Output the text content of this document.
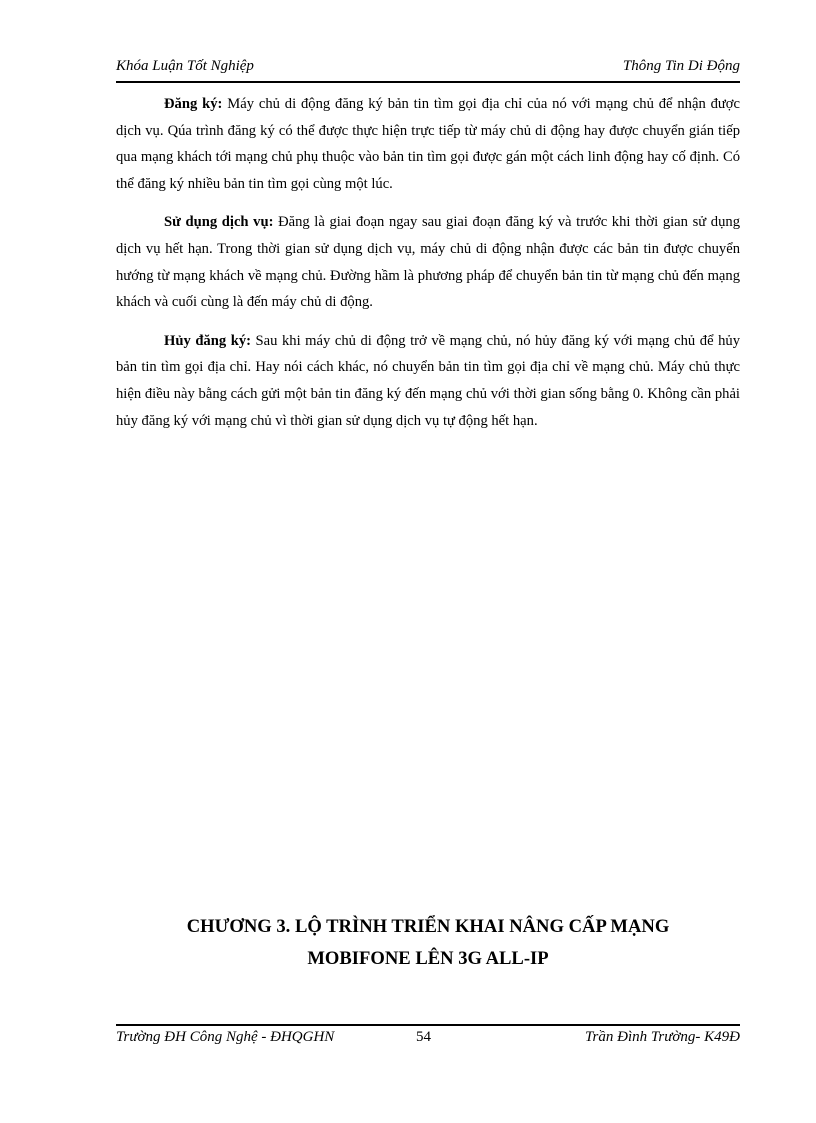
Khóa Luận Tốt Nghiệp	Thông Tin Di Động

Đăng ký: Máy chủ di động đăng ký bản tin tìm gọi địa chỉ của nó với mạng chủ để nhận được dịch vụ. Qúa trình đăng ký có thể được thực hiện trực tiếp từ máy chủ di động hay được chuyển gián tiếp qua mạng khách tới mạng chủ phụ thuộc vào bản tin tìm gọi được gán một cách linh động hay cố định. Có thể đăng ký nhiều bản tin tìm gọi cùng một lúc.

Sử dụng dịch vụ: Đăng là giai đoạn ngay sau giai đoạn đăng ký và trước khi thời gian sử dụng dịch vụ hết hạn. Trong thời gian sử dụng dịch vụ, máy chủ di động nhận được các bản tin được chuyển hướng từ mạng khách về mạng chủ. Đường hầm là phương pháp để chuyển bản tin từ mạng chủ đến mạng khách và cuối cùng là đến máy chủ di động.

Hủy đăng ký: Sau khi máy chủ di động trở về mạng chủ, nó hủy đăng ký với mạng chủ để hủy bản tin tìm gọi địa chỉ. Hay nói cách khác, nó chuyển bản tin tìm gọi địa chỉ về mạng chủ. Máy chủ thực hiện điều này bằng cách gửi một bản tin đăng ký đến mạng chủ với thời gian sống bằng 0. Không cần phải hủy đăng ký với mạng chủ vì thời gian sử dụng dịch vụ tự động hết hạn.

CHƯƠNG 3. LỘ TRÌNH TRIỂN KHAI NÂNG CẤP MẠNG
MOBIFONE LÊN 3G ALL-IP
Trường ĐH Công Nghệ - ĐHQGHN	54	Trần Đình Trường- K49Đ
